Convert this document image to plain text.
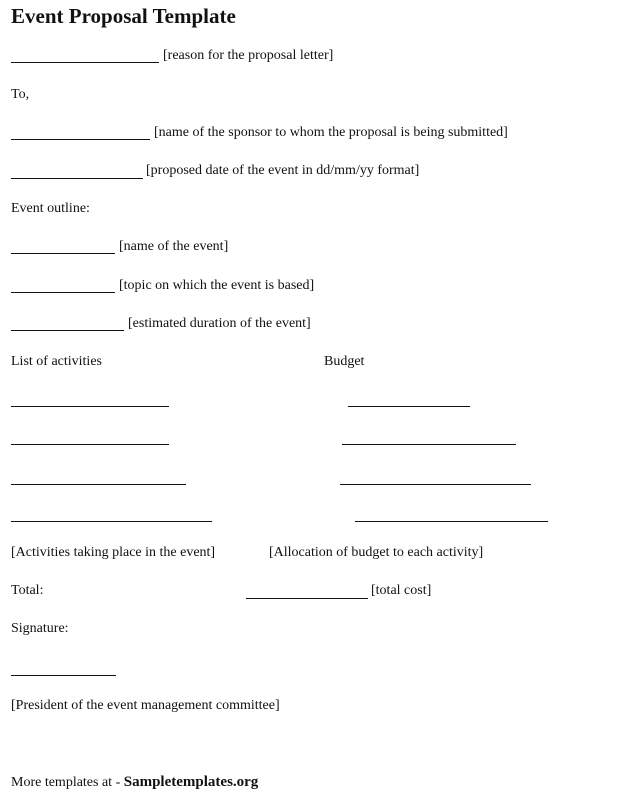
Event Proposal Template
[reason for the proposal letter]
To,
[name of the sponsor to whom the proposal is being submitted]
[proposed date of the event in dd/mm/yy format]
Event outline:
[name of the event]
[topic on which the event is based]
[estimated duration of the event]
List of activities	Budget
[Activities taking place in the event]	[Allocation of budget to each activity]
Total:	[total cost]
Signature:
[President of the event management committee]
More templates at - Sampletemplates.org
